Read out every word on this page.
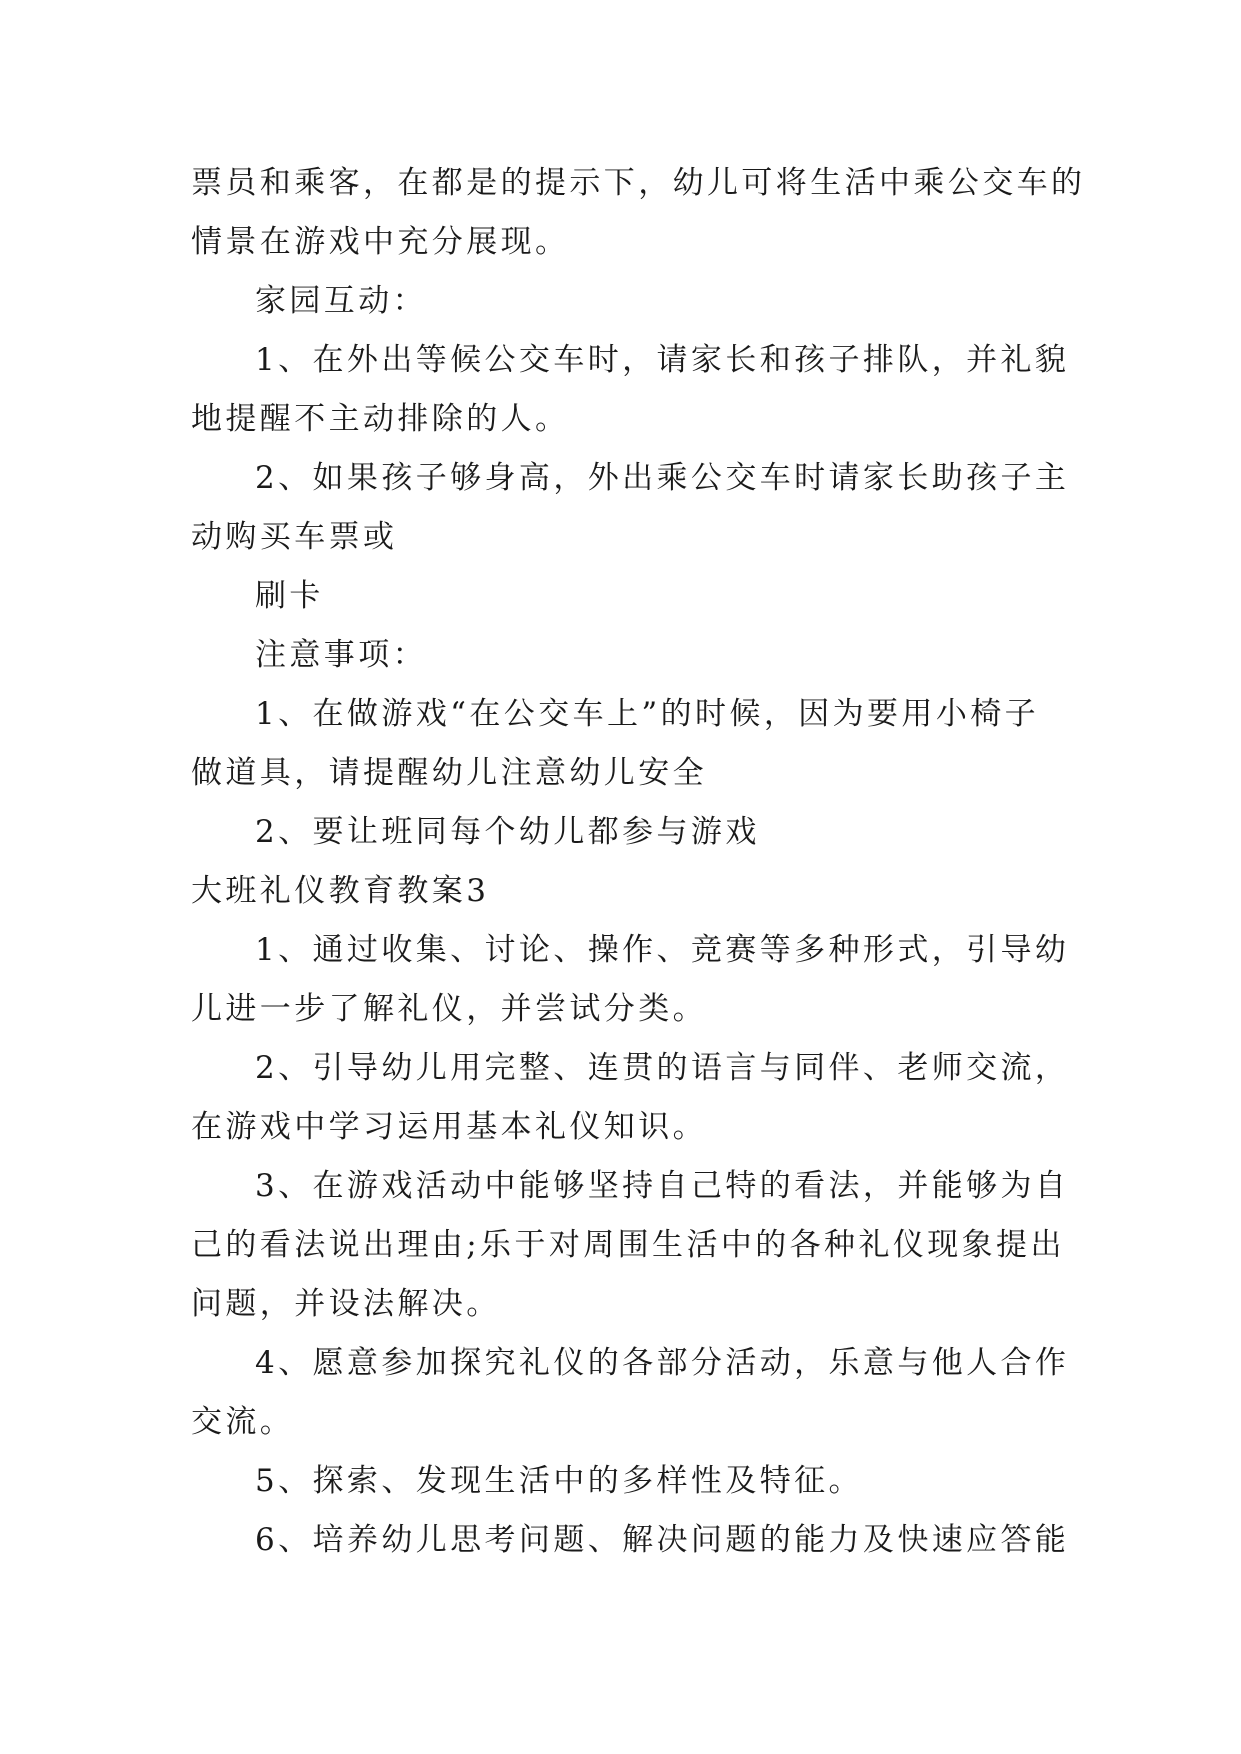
票员和乘客，在都是的提示下，幼儿可将生活中乘公交车的
情景在游戏中充分展现。
家园互动：
1、在外出等候公交车时，请家长和孩子排队，并礼貌
地提醒不主动排除的人。
2、如果孩子够身高，外出乘公交车时请家长助孩子主
动购买车票或
刷卡
注意事项：
1、在做游戏“在公交车上”的时候，因为要用小椅子
做道具，请提醒幼儿注意幼儿安全
2、要让班同每个幼儿都参与游戏
大班礼仪教育教案3
1、通过收集、讨论、操作、竞赛等多种形式，引导幼
儿进一步了解礼仪，并尝试分类。
2、引导幼儿用完整、连贯的语言与同伴、老师交流，
在游戏中学习运用基本礼仪知识。
3、在游戏活动中能够坚持自己特的看法，并能够为自
己的看法说出理由;乐于对周围生活中的各种礼仪现象提出
问题，并设法解决。
4、愿意参加探究礼仪的各部分活动，乐意与他人合作
交流。
5、探索、发现生活中的多样性及特征。
6、培养幼儿思考问题、解决问题的能力及快速应答能
